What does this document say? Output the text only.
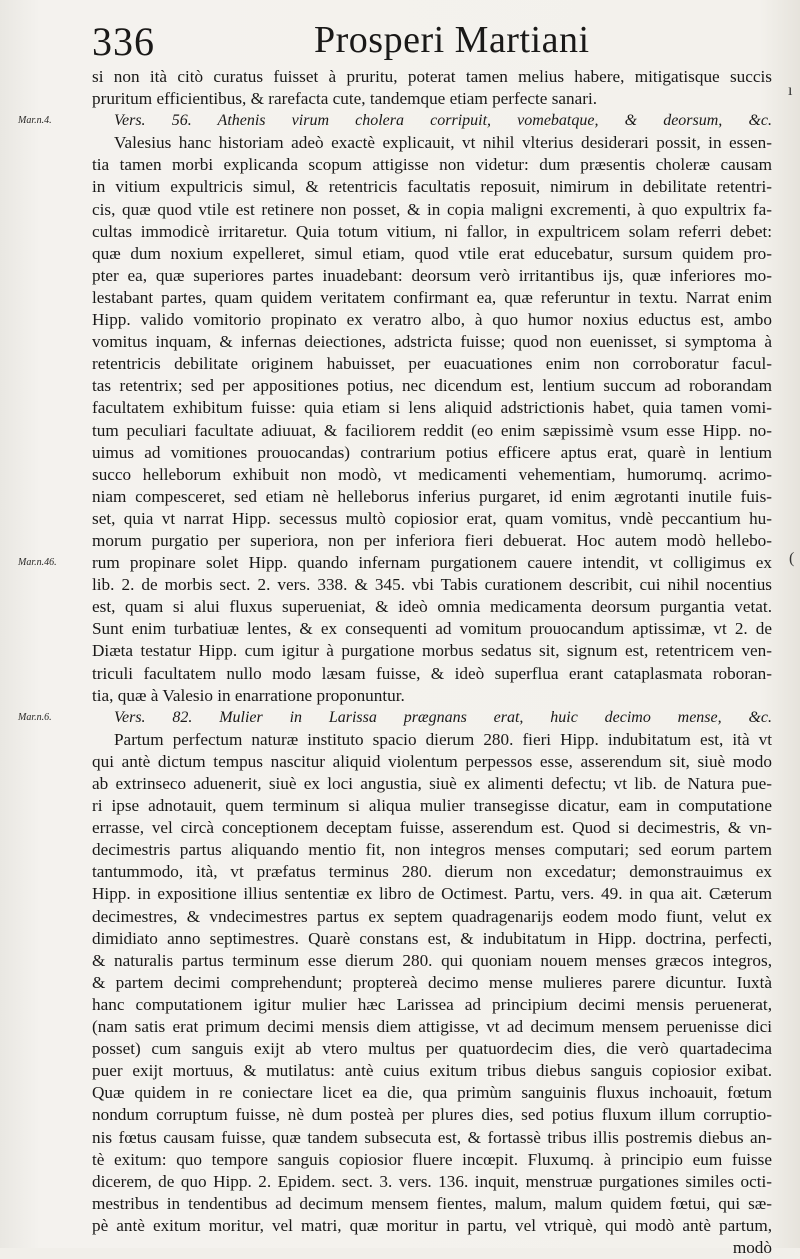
336	Prosperi Martiani
Mar.n.4.
Mar.n.46.
Mar.n.6.
si non ità citò curatus fuisset à pruritu, poterat tamen melius habere, mitigatisque succis
pruritum efficientibus, & rarefacta cute, tandemque etiam perfecte sanari.
Vers. 56. Athenis virum cholera corripuit, vomebatque, & deorsum, &c.
Valesius hanc historiam adeò exactè explicauit, vt nihil vlterius desiderari possit, in essen-
tia tamen morbi explicanda scopum attigisse non videtur: dum præsentis choleræ causam
in vitium expultricis simul, & retentricis facultatis reposuit, nimirum in debilitate retentri-
cis, quæ quod vtile est retinere non posset, & in copia maligni excrementi, à quo expultrix fa-
cultas immodicè irritaretur. Quia totum vitium, ni fallor, in expultricem solam referri debet:
quæ dum noxium expelleret, simul etiam, quod vtile erat educebatur, sursum quidem pro-
pter ea, quæ superiores partes inuadebant: deorsum verò irritantibus ijs, quæ inferiores mo-
lestabant partes, quam quidem veritatem confirmant ea, quæ referuntur in textu. Narrat enim
Hipp. valido vomitorio propinato ex veratro albo, à quo humor noxius eductus est, ambo
vomitus inquam, & infernas deiectiones, adstricta fuisse; quod non euenisset, si symptoma à
retentricis debilitate originem habuisset, per euacuationes enim non corroboratur facul-
tas retentrix; sed per appositiones potius, nec dicendum est, lentium succum ad roborandam
facultatem exhibitum fuisse: quia etiam si lens aliquid adstrictionis habet, quia tamen vomi-
tum peculiari facultate adiuuat, & faciliorem reddit (eo enim sæpissimè vsum esse Hipp. no-
uimus ad vomitiones prouocandas) contrarium potius efficere aptus erat, quarè in lentium
succo helleborum exhibuit non modò, vt medicamenti vehementiam, humorumq. acrimo-
niam compesceret, sed etiam nè helleborus inferius purgaret, id enim ægrotanti inutile fuis-
set, quia vt narrat Hipp. secessus multò copiosior erat, quam vomitus, vndè peccantium hu-
morum purgatio per superiora, non per inferiora fieri debuerat. Hoc autem modò hellebo-
rum propinare solet Hipp. quando infernam purgationem cauere intendit, vt colligimus ex
lib. 2. de morbis sect. 2. vers. 338. & 345. vbi Tabis curationem describit, cui nihil nocentius
est, quam si alui fluxus superueniat, & ideò omnia medicamenta deorsum purgantia vetat.
Sunt enim turbatiuæ lentes, & ex consequenti ad vomitum prouocandum aptissimæ, vt 2. de
Diæta testatur Hipp. cum igitur à purgatione morbus sedatus sit, signum est, retentricem ven-
triculi facultatem nullo modo læsam fuisse, & ideò superflua erant cataplasmata roboran-
tia, quæ à Valesio in enarratione proponuntur.
Vers. 82. Mulier in Larissa prægnans erat, huic decimo mense, &c.
Partum perfectum naturæ instituto spacio dierum 280. fieri Hipp. indubitatum est, ità vt
qui antè dictum tempus nascitur aliquid violentum perpessos esse, asserendum sit, siuè modo
ab extrinseco aduenerit, siuè ex loci angustia, siuè ex alimenti defectu; vt lib. de Natura pue-
ri ipse adnotauit, quem terminum si aliqua mulier transegisse dicatur, eam in computatione
errasse, vel circà conceptionem deceptam fuisse, asserendum est. Quod si decimestris, & vn-
decimestris partus aliquando mentio fit, non integros menses computari; sed eorum partem
tantummodo, ità, vt præfatus terminus 280. dierum non excedatur; demonstrauimus ex
Hipp. in expositione illius sententiæ ex libro de Octimest. Partu, vers. 49. in qua ait. Cæterum
decimestres, & vndecimestres partus ex septem quadragenarijs eodem modo fiunt, velut ex
dimidiato anno septimestres. Quarè constans est, & indubitatum in Hipp. doctrina, perfecti,
& naturalis partus terminum esse dierum 280. qui quoniam nouem menses græcos integros,
& partem decimi comprehendunt; proptereà decimo mense mulieres parere dicuntur. Iuxtà
hanc computationem igitur mulier hæc Larissea ad principium decimi mensis peruenerat,
(nam satis erat primum decimi mensis diem attigisse, vt ad decimum mensem peruenisse dici
posset) cum sanguis exijt ab vtero multus per quatuordecim dies, die verò quartadecima
puer exijt mortuus, & mutilatus: antè cuius exitum tribus diebus sanguis copiosior exibat.
Quæ quidem in re coniectare licet ea die, qua primùm sanguinis fluxus inchoauit, fœtum
nondum corruptum fuisse, nè dum posteà per plures dies, sed potius fluxum illum corruptio-
nis fœtus causam fuisse, quæ tandem subsecuta est, & fortassè tribus illis postremis diebus an-
tè exitum: quo tempore sanguis copiosior fluere incœpit. Fluxumq. à principio eum fuisse
dicerem, de quo Hipp. 2. Epidem. sect. 3. vers. 136. inquit, menstruæ purgationes similes octi-
mestribus in tendentibus ad decimum mensem fientes, malum, malum quidem fœtui, qui sæ-
pè antè exitum moritur, vel matri, quæ moritur in partu, vel vtriquè, qui modò antè partum,
modò
ı
(
